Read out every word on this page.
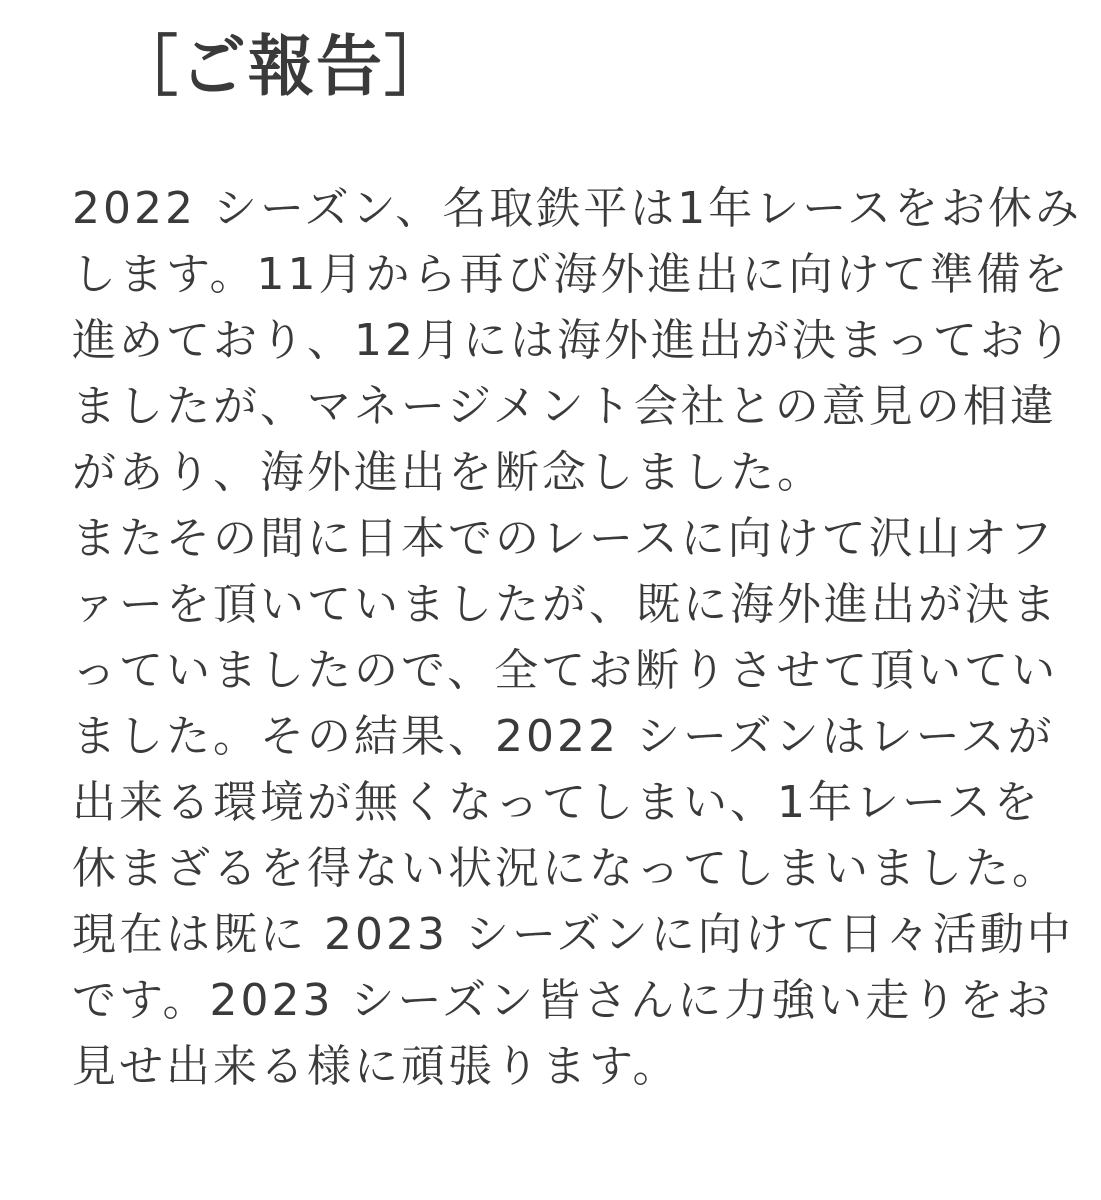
［ご報告］
2022 シーズン、名取鉄平は1年レースをお休み
します。11月から再び海外進出に向けて準備を
進めており、12月には海外進出が決まっており
ましたが、マネージメント会社との意見の相違
があり、海外進出を断念しました。
またその間に日本でのレースに向けて沢山オフ
ァーを頂いていましたが、既に海外進出が決ま
っていましたので、全てお断りさせて頂いてい
ました。その結果、2022 シーズンはレースが
出来る環境が無くなってしまい、1年レースを
休まざるを得ない状況になってしまいました。
現在は既に 2023 シーズンに向けて日々活動中
です。2023 シーズン皆さんに力強い走りをお
見せ出来る様に頑張ります。
